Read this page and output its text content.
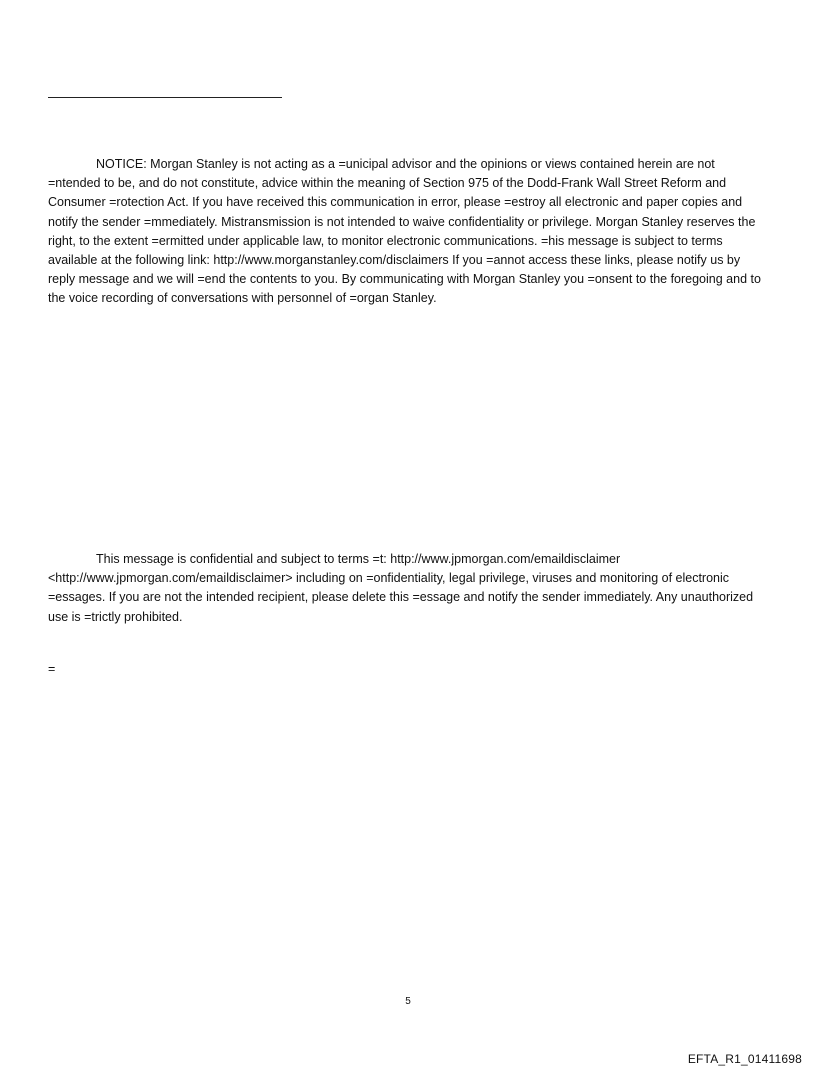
NOTICE: Morgan Stanley is not acting as a =unicipal advisor and the opinions or views contained herein are not =ntended to be, and do not constitute, advice within the meaning of Section 975 of the Dodd-Frank Wall Street Reform and Consumer =rotection Act. If you have received this communication in error, please =estroy all electronic and paper copies and notify the sender =mmediately. Mistransmission is not intended to waive confidentiality or privilege. Morgan Stanley reserves the right, to the extent =ermitted under applicable law, to monitor electronic communications. =his message is subject to terms available at the following link: http://www.morganstanley.com/disclaimers If you =annot access these links, please notify us by reply message and we will =end the contents to you. By communicating with Morgan Stanley you =onsent to the foregoing and to the voice recording of conversations with personnel of =organ Stanley.

This message is confidential and subject to terms =t: http://www.jpmorgan.com/emaildisclaimer <http://www.jpmorgan.com/emaildisclaimer> including on =onfidentiality, legal privilege, viruses and monitoring of electronic =essages. If you are not the intended recipient, please delete this =essage and notify the sender immediately. Any unauthorized use is =trictly prohibited.

=

5

EFTA_R1_01411698
